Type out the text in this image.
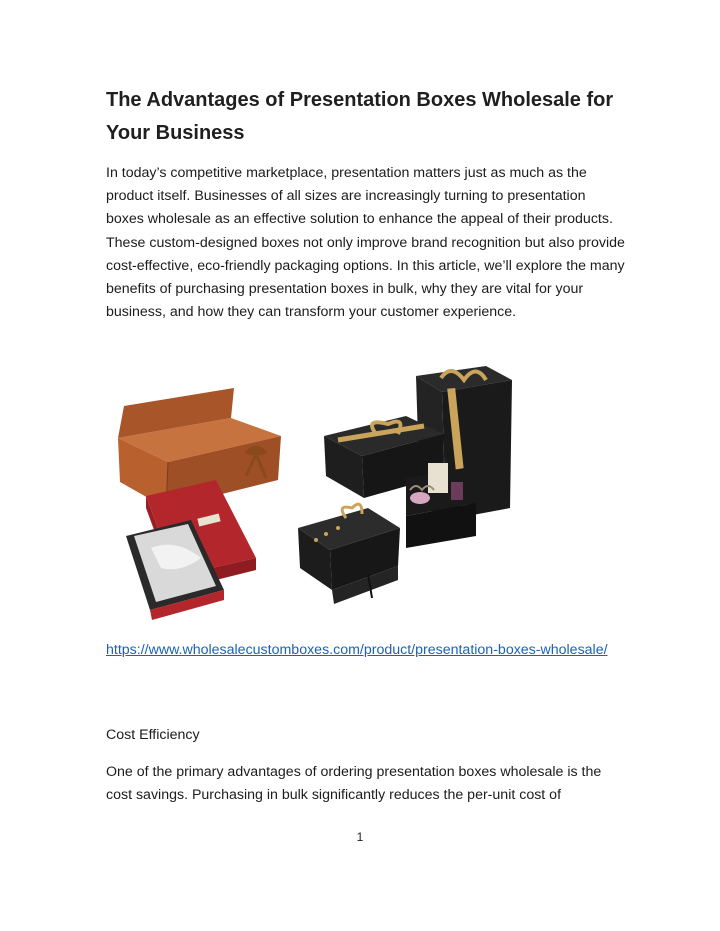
The Advantages of Presentation Boxes Wholesale for Your Business

In today’s competitive marketplace, presentation matters just as much as the product itself. Businesses of all sizes are increasingly turning to presentation boxes wholesale as an effective solution to enhance the appeal of their products. These custom-designed boxes not only improve brand recognition but also provide cost-effective, eco-friendly packaging options. In this article, we’ll explore the many benefits of purchasing presentation boxes in bulk, why they are vital for your business, and how they can transform your customer experience.

https://www.wholesalecustomboxes.com/product/presentation-boxes-wholesale/
Cost Efficiency

One of the primary advantages of ordering presentation boxes wholesale is the cost savings. Purchasing in bulk significantly reduces the per-unit cost of

1
